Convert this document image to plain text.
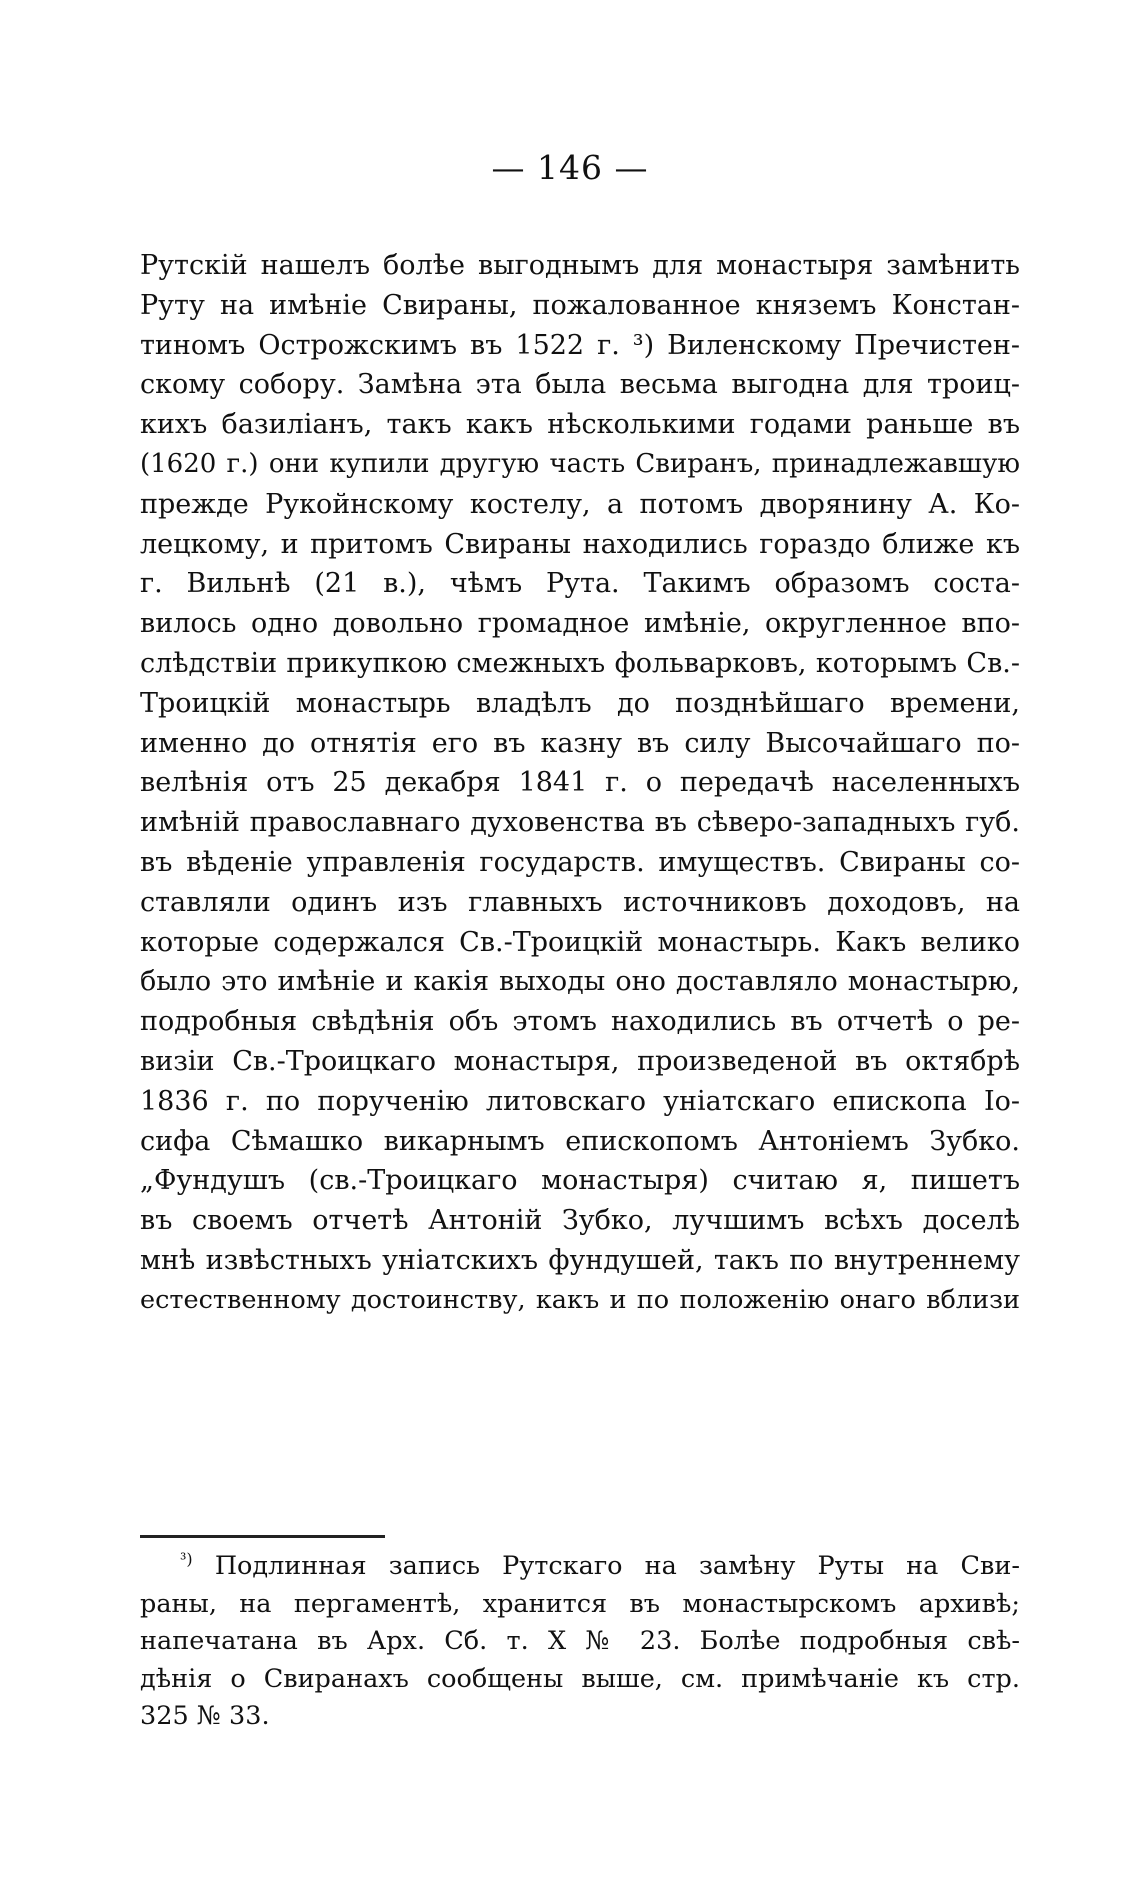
— 146 —
Рутскій нашелъ болѣе выгоднымъ для монастыря замѣнить
Руту на имѣніе Свираны, пожалованное княземъ Констан-
тиномъ Острожскимъ въ 1522 г. ³) Виленскому Пречистен-
скому собору. Замѣна эта была весьма выгодна для троиц-
кихъ базиліанъ, такъ какъ нѣсколькими годами раньше въ
(1620 г.) они купили другую часть Свиранъ, принадлежавшую
прежде Рукойнскому костелу, а потомъ дворянину А. Ко-
лецкому, и притомъ Свираны находились гораздо ближе къ
г. Вильнѣ (21 в.), чѣмъ Рута. Такимъ образомъ соста-
вилось одно довольно громадное имѣніе, округленное впо-
слѣдствіи прикупкою смежныхъ фольварковъ, которымъ Св.-
Троицкій монастырь владѣлъ до позднѣйшаго времени,
именно до отнятія его въ казну въ силу Высочайшаго по-
велѣнія отъ 25 декабря 1841 г. о передачѣ населенныхъ
имѣній православнаго духовенства въ сѣверо-западныхъ губ.
въ вѣденіе управленія государств. имуществъ. Свираны со-
ставляли одинъ изъ главныхъ источниковъ доходовъ, на
которые содержался Св.-Троицкій монастырь. Какъ велико
было это имѣніе и какія выходы оно доставляло монастырю,
подробныя свѣдѣнія объ этомъ находились въ отчетѣ о ре-
визіи Св.-Троицкаго монастыря, произведеной въ октябрѣ
1836 г. по порученію литовскаго уніатскаго епископа Іо-
сифа Сѣмашко викарнымъ епископомъ Антоніемъ Зубко.
„Фундушъ (св.-Троицкаго монастыря) считаю я, пишетъ
въ своемъ отчетѣ Антоній Зубко, лучшимъ всѣхъ доселѣ
мнѣ извѣстныхъ уніатскихъ фундушей, такъ по внутреннему
естественному достоинству, какъ и по положенію онаго вблизи
$^{^3)}$ Подлинная запись Рутскаго на замѣну Руты на Сви-
раны, на пергаментѣ, хранится въ монастырскомъ архивѣ;
напечатана въ Арх. Сб. т. X № 23. Болѣе подробныя свѣ-
дѣнія о Свиранахъ сообщены выше, см. примѣчаніе къ стр.
325 № 33.
